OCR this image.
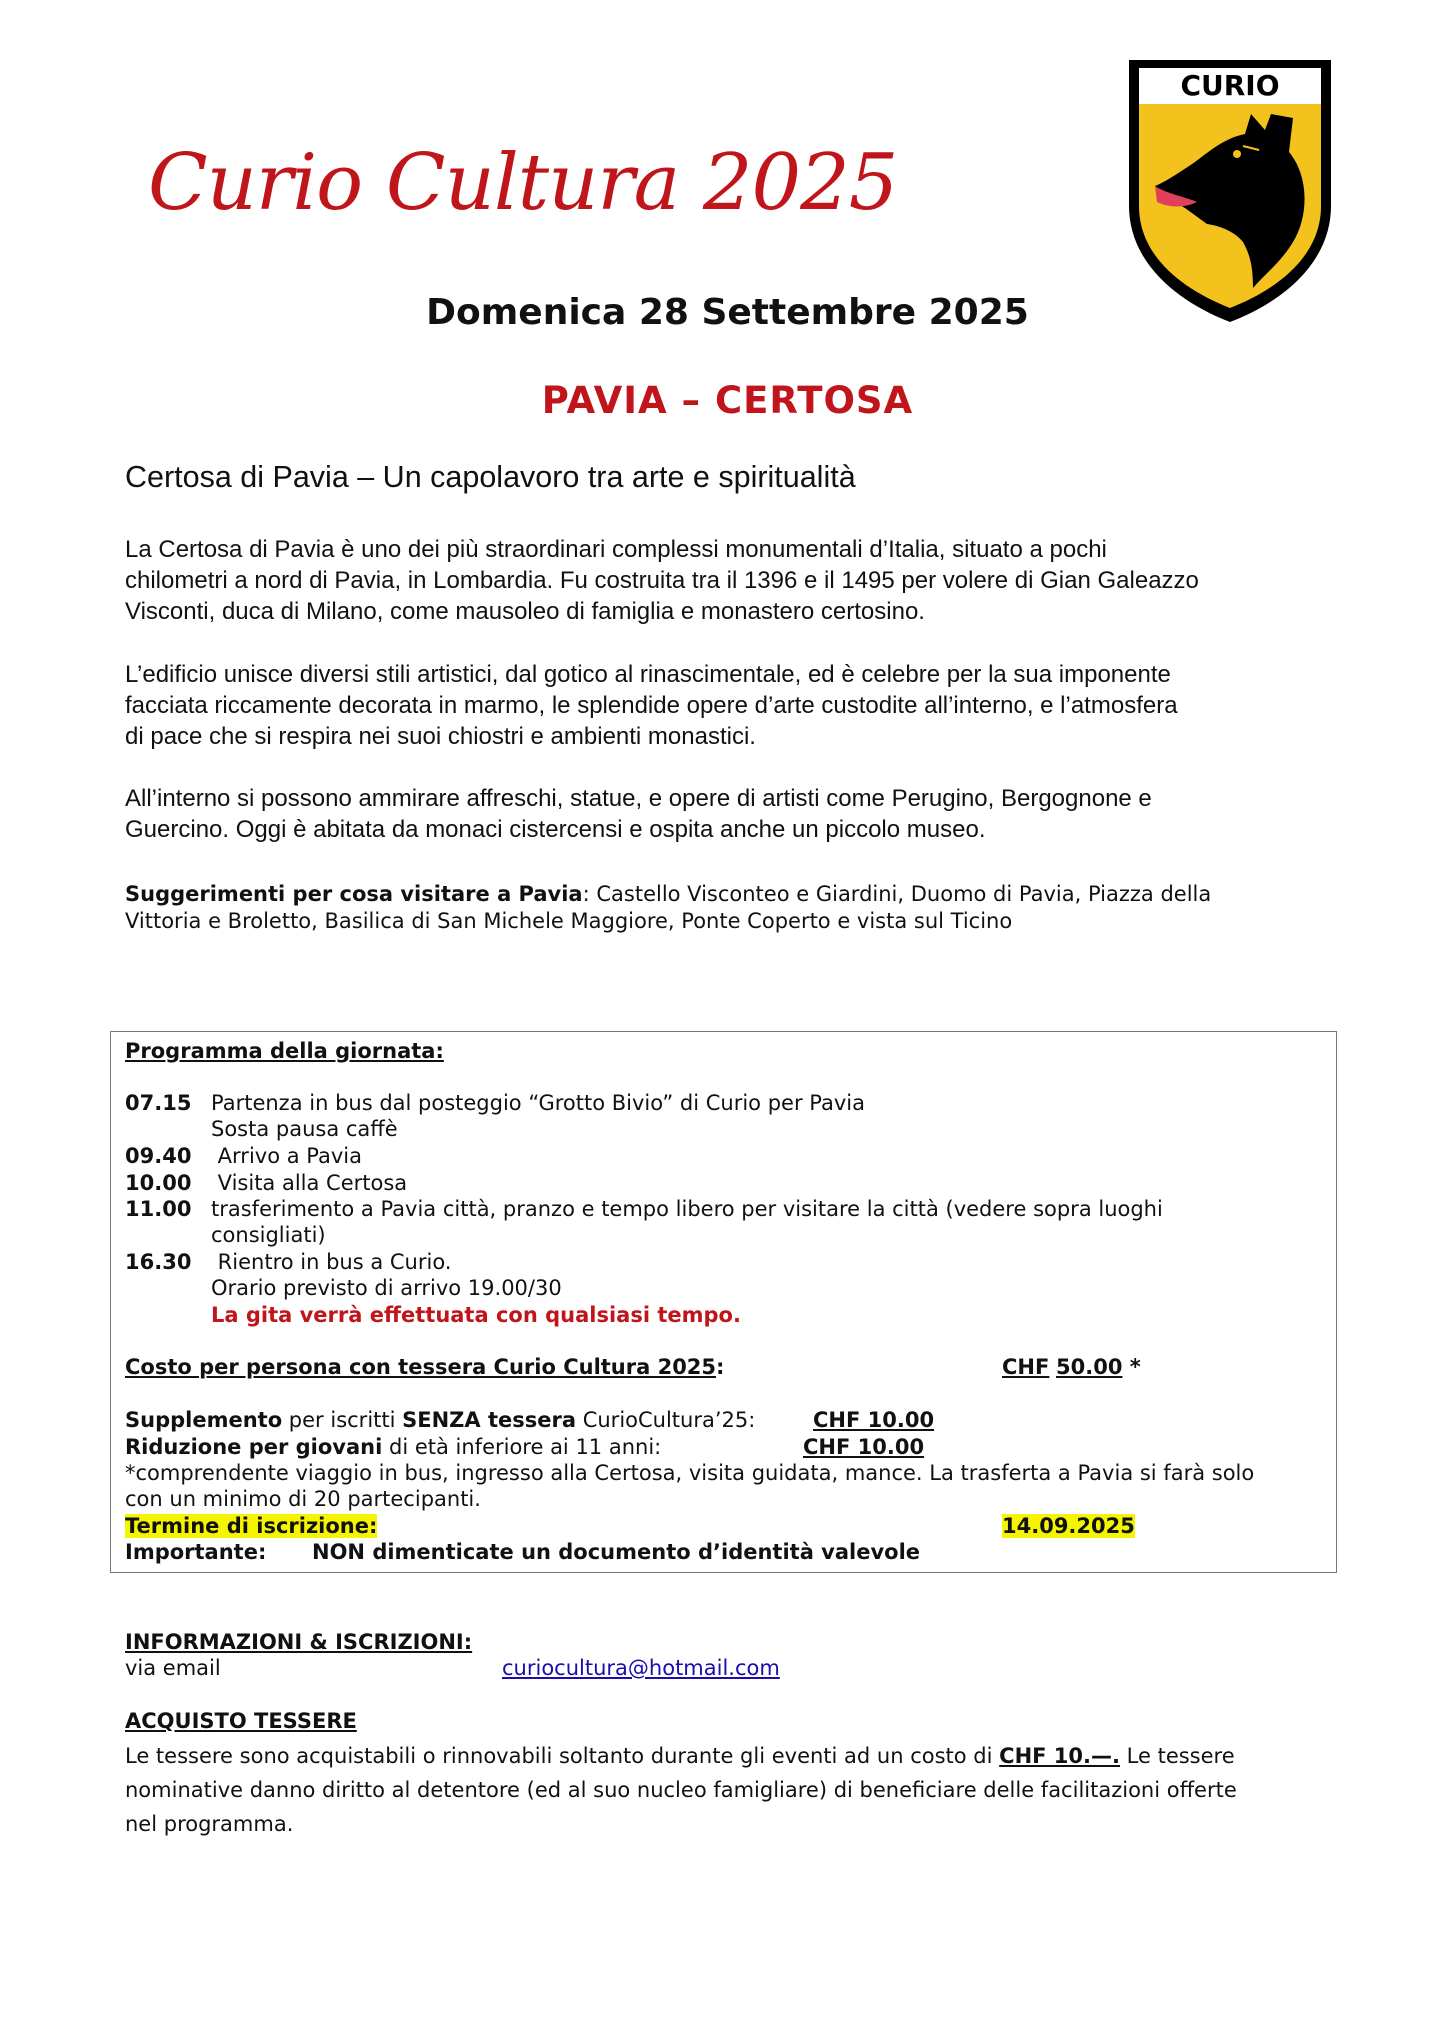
Curio Cultura 2025
CURIO
Domenica 28 Settembre 2025
PAVIA – CERTOSA
Certosa di Pavia – Un capolavoro tra arte e spiritualità
La Certosa di Pavia è uno dei più straordinari complessi monumentali d’Italia, situato a pochi
chilometri a nord di Pavia, in Lombardia. Fu costruita tra il 1396 e il 1495 per volere di Gian Galeazzo
Visconti, duca di Milano, come mausoleo di famiglia e monastero certosino.
L’edificio unisce diversi stili artistici, dal gotico al rinascimentale, ed è celebre per la sua imponente
facciata riccamente decorata in marmo, le splendide opere d’arte custodite all’interno, e l’atmosfera
di pace che si respira nei suoi chiostri e ambienti monastici.
All’interno si possono ammirare affreschi, statue, e opere di artisti come Perugino, Bergognone e
Guercino. Oggi è abitata da monaci cistercensi e ospita anche un piccolo museo.
Suggerimenti per cosa visitare a Pavia: Castello Visconteo e Giardini, Duomo di Pavia, Piazza della
Vittoria e Broletto, Basilica di San Michele Maggiore, Ponte Coperto e vista sul Ticino
Programma della giornata:
07.15 Partenza in bus dal posteggio “Grotto Bivio” di Curio per Pavia
Sosta pausa caffè
09.40 Arrivo a Pavia
10.00 Visita alla Certosa
11.00 trasferimento a Pavia città, pranzo e tempo libero per visitare la città (vedere sopra luoghi
consigliati)
16.30 Rientro in bus a Curio.
Orario previsto di arrivo 19.00/30
La gita verrà effettuata con qualsiasi tempo.
Costo per persona con tessera Curio Cultura 2025:	CHF 50.00 *
Supplemento per iscritti SENZA tessera CurioCultura’25:	CHF 10.00
Riduzione per giovani di età inferiore ai 11 anni:	CHF 10.00
*comprendente viaggio in bus, ingresso alla Certosa, visita guidata, mance. La trasferta a Pavia si farà solo
con un minimo di 20 partecipanti.
Termine di iscrizione:	14.09.2025
Importante: NON dimenticate un documento d’identità valevole
INFORMAZIONI & ISCRIZIONI:
via email	curiocultura@hotmail.com
ACQUISTO TESSERE
Le tessere sono acquistabili o rinnovabili soltanto durante gli eventi ad un costo di CHF 10.—. Le tessere
nominative danno diritto al detentore (ed al suo nucleo famigliare) di beneficiare delle facilitazioni offerte
nel programma.
